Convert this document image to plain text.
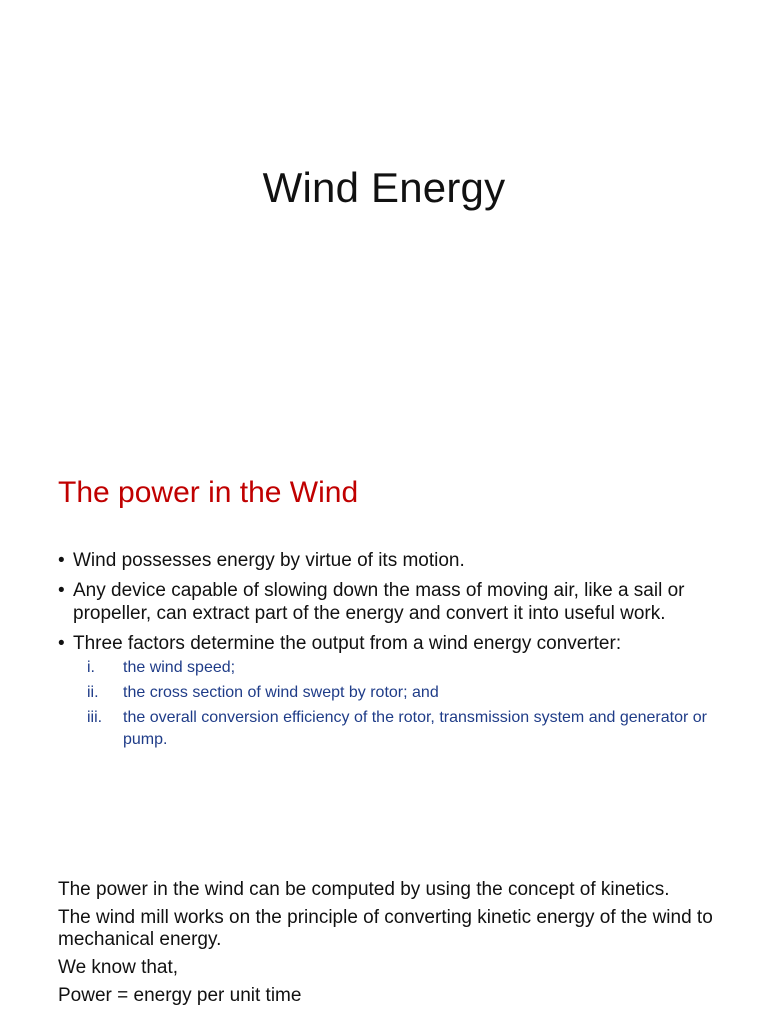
Wind Energy
The power in the Wind
• Wind possesses energy by virtue of its motion.
• Any device capable of slowing down the mass of moving air, like a sail or propeller, can extract part of the energy and convert it into useful work.
• Three factors determine the output from a wind energy converter:
i. the wind speed;
ii. the cross section of wind swept by rotor; and
iii. the overall conversion efficiency of the rotor, transmission system and generator or pump.

The power in the wind can be computed by using the concept of kinetics.

The wind mill works on the principle of converting kinetic energy of the wind to mechanical energy.

We know that,

Power = energy per unit time
